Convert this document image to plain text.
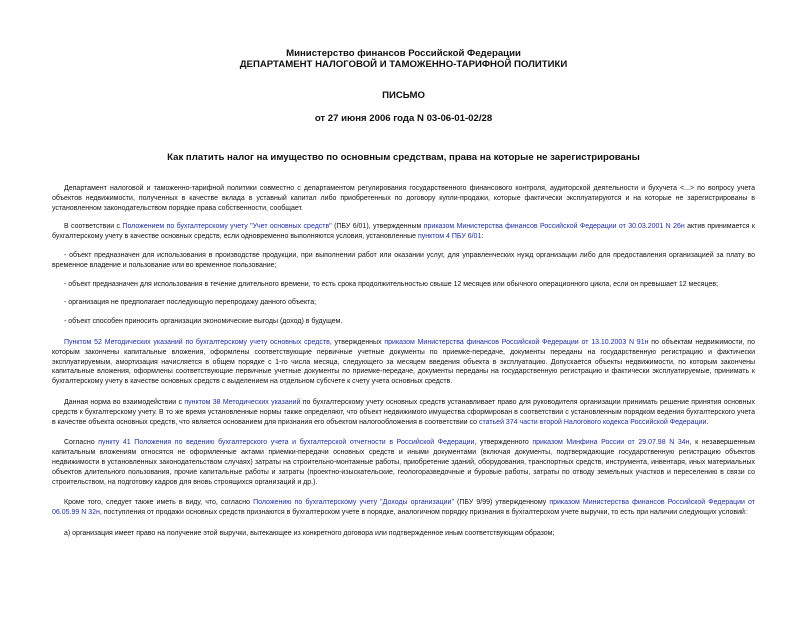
Министерство финансов Российской Федерации
ДЕПАРТАМЕНТ НАЛОГОВОЙ И ТАМОЖЕННО-ТАРИФНОЙ ПОЛИТИКИ
ПИСЬМО
от 27 июня 2006 года N 03-06-01-02/28
Как платить налог на имущество по основным средствам, права на которые не зарегистрированы

Департамент налоговой и таможенно-тарифной политики совместно с департаментом регулирования государственного финансового контроля, аудиторской деятельности и бухучета <...> по вопросу учета объектов недвижимости, полученных в качестве вклада в уставный капитал либо приобретенных по договору купли-продажи, которые фактически эксплуатируются и на которые не зарегистрированы в установленном законодательством порядке права собственности, сообщает.

В соответствии с Положением по бухгалтерскому учету "Учет основных средств" (ПБУ 6/01), утвержденным приказом Министерства финансов Российской Федерации от 30.03.2001 N 26н актив принимается к бухгалтерскому учету в качестве основных средств, если одновременно выполняются условия, установленные пунктом 4 ПБУ 6/01:

- объект предназначен для использования в производстве продукции, при выполнении работ или оказании услуг, для управленческих нужд организации либо для предоставления организацией за плату во временное владение и пользование или во временное пользование;

- объект предназначен для использования в течение длительного времени, то есть срока продолжительностью свыше 12 месяцев или обычного операционного цикла, если он превышает 12 месяцев;

- организация не предполагает последующую перепродажу данного объекта;

- объект способен приносить организации экономические выгоды (доход) в будущем.

Пунктом 52 Методических указаний по бухгалтерскому учету основных средств, утвержденных приказом Министерства финансов Российской Федерации от 13.10.2003 N 91н по объектам недвижимости, по которым закончены капитальные вложения, оформлены соответствующие первичные учетные документы по приемке-передаче, документы переданы на государственную регистрацию и фактически эксплуатируемым, амортизация начисляется в общем порядке с 1-го числа месяца, следующего за месяцем введения объекта в эксплуатацию. Допускается объекты недвижимости, по которым закончены капитальные вложения, оформлены соответствующие первичные учетные документы по приемке-передаче, документы переданы на государственную регистрацию и фактически эксплуатируемые, принимать к бухгалтерскому учету в качестве основных средств с выделением на отдельном субсчете к счету учета основных средств.

Данная норма во взаимодействии с пунктом 38 Методических указаний по бухгалтерскому учету основных средств устанавливает право для руководителя организации принимать решение принятия основных средств к бухгалтерскому учету. В то же время установленные нормы также определяют, что объект недвижимого имущества сформирован в соответствии с установленным порядком ведения бухгалтерского учета в качестве объекта основных средств, что является основанием для признания его объектом налогообложения в соответствии со статьей 374 части второй Налогового кодекса Российской Федерации.

Согласно пункту 41 Положения по ведению бухгалтерского учета и бухгалтерской отчетности в Российской Федерации, утвержденного приказом Минфина России от 29.07.98 N 34н, к незавершенным капитальным вложениям относятся не оформленные актами приемки-передачи основных средств и иными документами (включая документы, подтверждающие государственную регистрацию объектов недвижимости в установленных законодательством случаях) затраты на строительно-монтажные работы, приобретение зданий, оборудования, транспортных средств, инструмента, инвентаря, иных материальных объектов длительного пользования, прочие капитальные работы и затраты (проектно-изыскательские, геологоразведочные и буровые работы, затраты по отводу земельных участков и переселению в связи со строительством, на подготовку кадров для вновь строящихся организаций и др.).

Кроме того, следует также иметь в виду, что, согласно Положению по бухгалтерскому учету "Доходы организации" (ПБУ 9/99) утвержденному приказом Министерства финансов Российской Федерации от 06.05.99 N 32н, поступления от продажи основных средств признаются в бухгалтерском учете в порядке, аналогичном порядку признания в бухгалтерском учете выручки, то есть при наличии следующих условий:

а) организация имеет право на получение этой выручки, вытекающее из конкретного договора или подтвержденное иным соответствующим образом;
